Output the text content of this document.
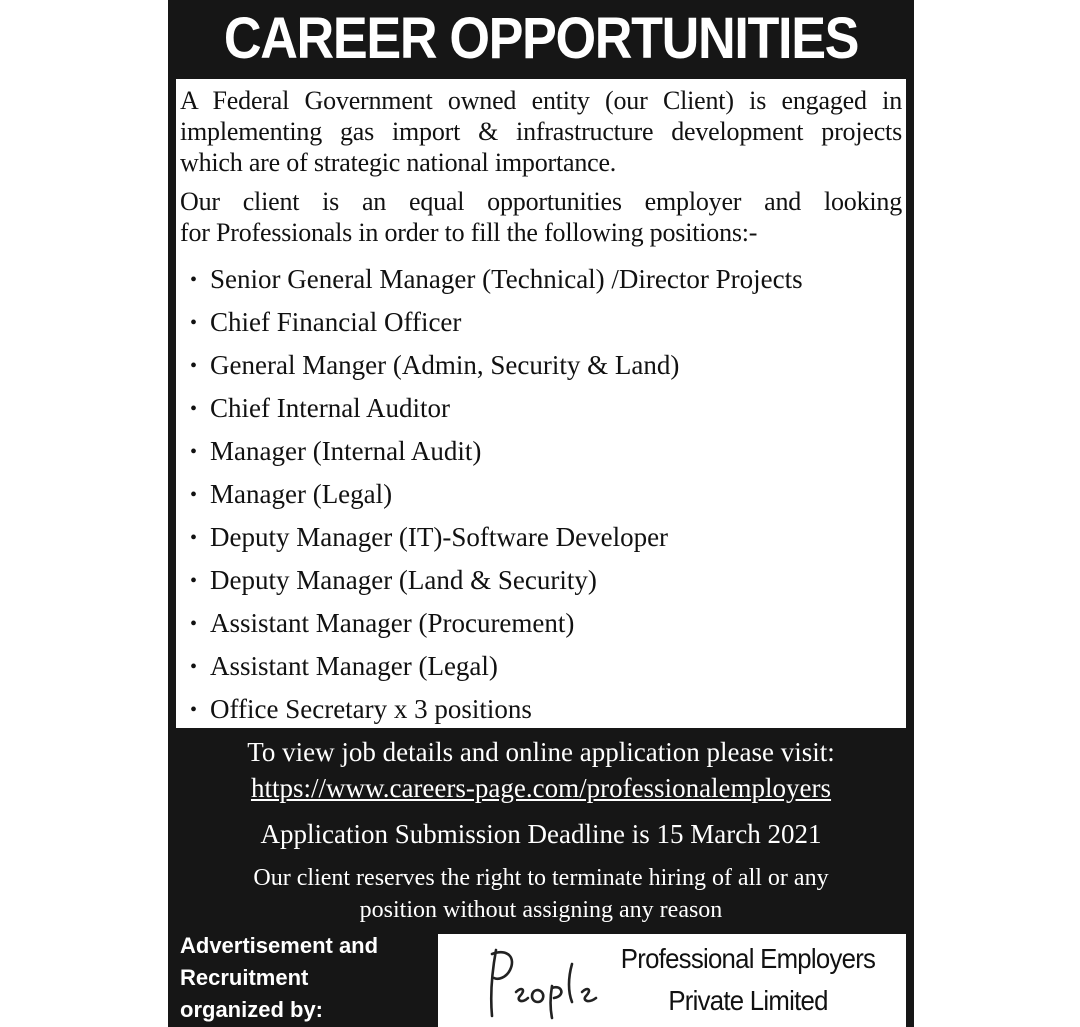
CAREER OPPORTUNITIES

A Federal Government owned entity (our Client) is engaged in
implementing gas import & infrastructure development projects
which are of strategic national importance.

Our client is an equal opportunities employer and looking
for Professionals in order to fill the following positions:-

• Senior General Manager (Technical) /Director Projects
• Chief Financial Officer
• General Manger (Admin, Security & Land)
• Chief Internal Auditor
• Manager (Internal Audit)
• Manager (Legal)
• Deputy Manager (IT)-Software Developer
• Deputy Manager (Land & Security)
• Assistant Manager (Procurement)
• Assistant Manager (Legal)
• Office Secretary x 3 positions
To view job details and online application please visit:
https://www.careers-page.com/professionalemployers
Application Submission Deadline is 15 March 2021
Our client reserves the right to terminate hiring of all or any
position without assigning any reason
Advertisement and
Recruitment
organized by:
Professional Employers
Private Limited
